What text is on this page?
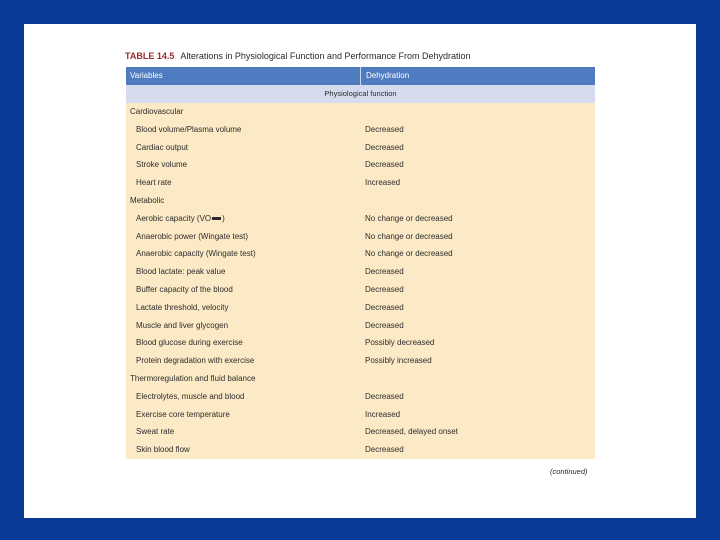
TABLE 14.5 Alterations in Physiological Function and Performance From Dehydration
Variables	Dehydration
Physiological function
Cardiovascular
Blood volume/Plasma volume	Decreased
Cardiac output	Decreased
Stroke volume	Decreased
Heart rate	Increased
Metabolic
Aerobic capacity (VO )	No change or decreased
Anaerobic power (Wingate test)	No change or decreased
Anaerobic capacity (Wingate test)	No change or decreased
Blood lactate: peak value	Decreased
Buffer capacity of the blood	Decreased
Lactate threshold, velocity	Decreased
Muscle and liver glycogen	Decreased
Blood glucose during exercise	Possibly decreased
Protein degradation with exercise	Possibly increased
Thermoregulation and fluid balance
Electrolytes, muscle and blood	Decreased
Exercise core temperature	Increased
Sweat rate	Decreased, delayed onset
Skin blood flow	Decreased
(continued)
